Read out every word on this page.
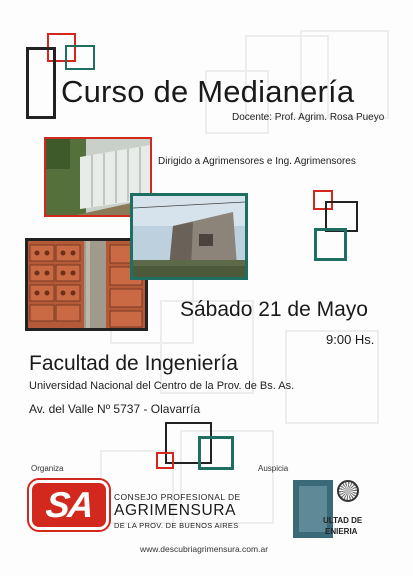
Curso de Medianería
Docente: Prof. Agrim. Rosa Pueyo
Dirigido a Agrimensores e Ing. Agrimensores
Sábado 21 de Mayo
9:00 Hs.
Facultad de Ingeniería
Universidad Nacional del Centro de la Prov. de Bs. As.
Av. del Valle Nº 5737 - Olavarría
Organiza
SA	CONSEJO PROFESIONAL DE
AGRIMENSURA
DE LA PROV. DE BUENOS AIRES
Auspicia
ULTAD DE
ENIERIA
www.descubriagrimensura.com.ar
